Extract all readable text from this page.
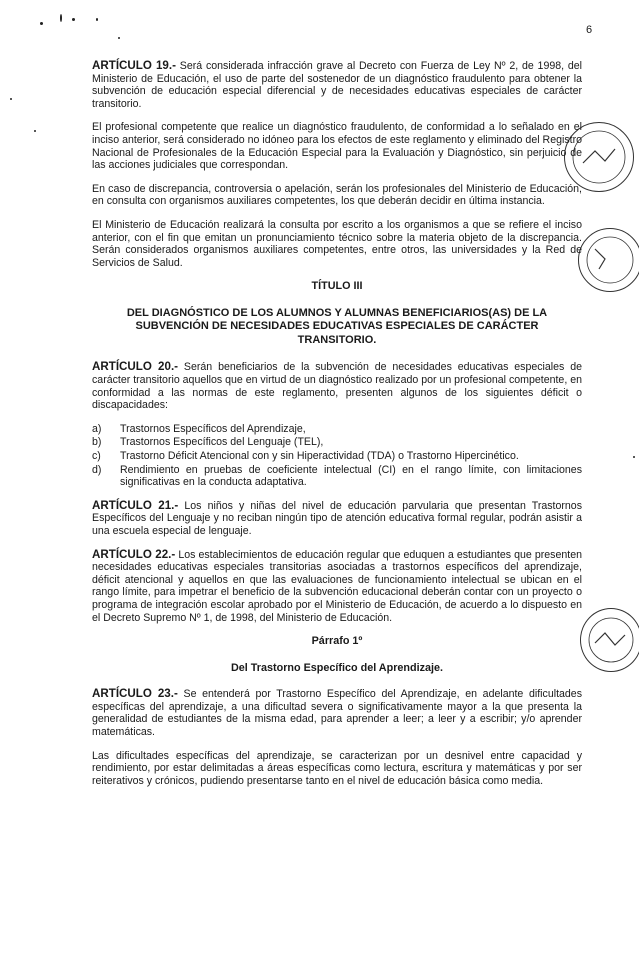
6

ARTÍCULO 19.- Será considerada infracción grave al Decreto con Fuerza de Ley Nº 2, de 1998, del Ministerio de Educación, el uso de parte del sostenedor de un diagnóstico fraudulento para obtener la subvención de educación especial diferencial y de necesidades educativas especiales de carácter transitorio.

El profesional competente que realice un diagnóstico fraudulento, de conformidad a lo señalado en el inciso anterior, será considerado no idóneo para los efectos de este reglamento y eliminado del Registro Nacional de Profesionales de la Educación Especial para la Evaluación y Diagnóstico, sin perjuicio de las acciones judiciales que correspondan.

En caso de discrepancia, controversia o apelación, serán los profesionales del Ministerio de Educación, en consulta con organismos auxiliares competentes, los que deberán decidir en última instancia.

El Ministerio de Educación realizará la consulta por escrito a los organismos a que se refiere el inciso anterior, con el fin que emitan un pronunciamiento técnico sobre la materia objeto de la discrepancia. Serán considerados organismos auxiliares competentes, entre otros, las universidades y la Red de Servicios de Salud.

TÍTULO III
DEL DIAGNÓSTICO DE LOS ALUMNOS Y ALUMNAS BENEFICIARIOS(AS) DE LA SUBVENCIÓN DE NECESIDADES EDUCATIVAS ESPECIALES DE CARÁCTER TRANSITORIO.

ARTÍCULO 20.- Serán beneficiarios de la subvención de necesidades educativas especiales de carácter transitorio aquellos que en virtud de un diagnóstico realizado por un profesional competente, en conformidad a las normas de este reglamento, presenten algunos de los siguientes déficit o discapacidades:

a) Trastornos Específicos del Aprendizaje,
b) Trastornos Específicos del Lenguaje (TEL),
c) Trastorno Déficit Atencional con y sin Hiperactividad (TDA) o Trastorno Hipercinético.
d) Rendimiento en pruebas de coeficiente intelectual (CI) en el rango límite, con limitaciones significativas en la conducta adaptativa.

ARTÍCULO 21.- Los niños y niñas del nivel de educación parvularia que presentan Trastornos Específicos del Lenguaje y no reciban ningún tipo de atención educativa formal regular, podrán asistir a una escuela especial de lenguaje.

ARTÍCULO 22.- Los establecimientos de educación regular que eduquen a estudiantes que presenten necesidades educativas especiales transitorias asociadas a trastornos específicos del aprendizaje, déficit atencional y aquellos en que las evaluaciones de funcionamiento intelectual se ubican en el rango límite, para impetrar el beneficio de la subvención educacional deberán contar con un proyecto o programa de integración escolar aprobado por el Ministerio de Educación, de acuerdo a lo dispuesto en el Decreto Supremo Nº 1, de 1998, del Ministerio de Educación.

Párrafo 1º
Del Trastorno Específico del Aprendizaje.

ARTÍCULO 23.- Se entenderá por Trastorno Específico del Aprendizaje, en adelante dificultades específicas del aprendizaje, a una dificultad severa o significativamente mayor a la que presenta la generalidad de estudiantes de la misma edad, para aprender a leer; a leer y a escribir; y/o aprender matemáticas.

Las dificultades específicas del aprendizaje, se caracterizan por un desnivel entre capacidad y rendimiento, por estar delimitadas a áreas específicas como lectura, escritura y matemáticas y por ser reiterativos y crónicos, pudiendo presentarse tanto en el nivel de educación básica como media.
